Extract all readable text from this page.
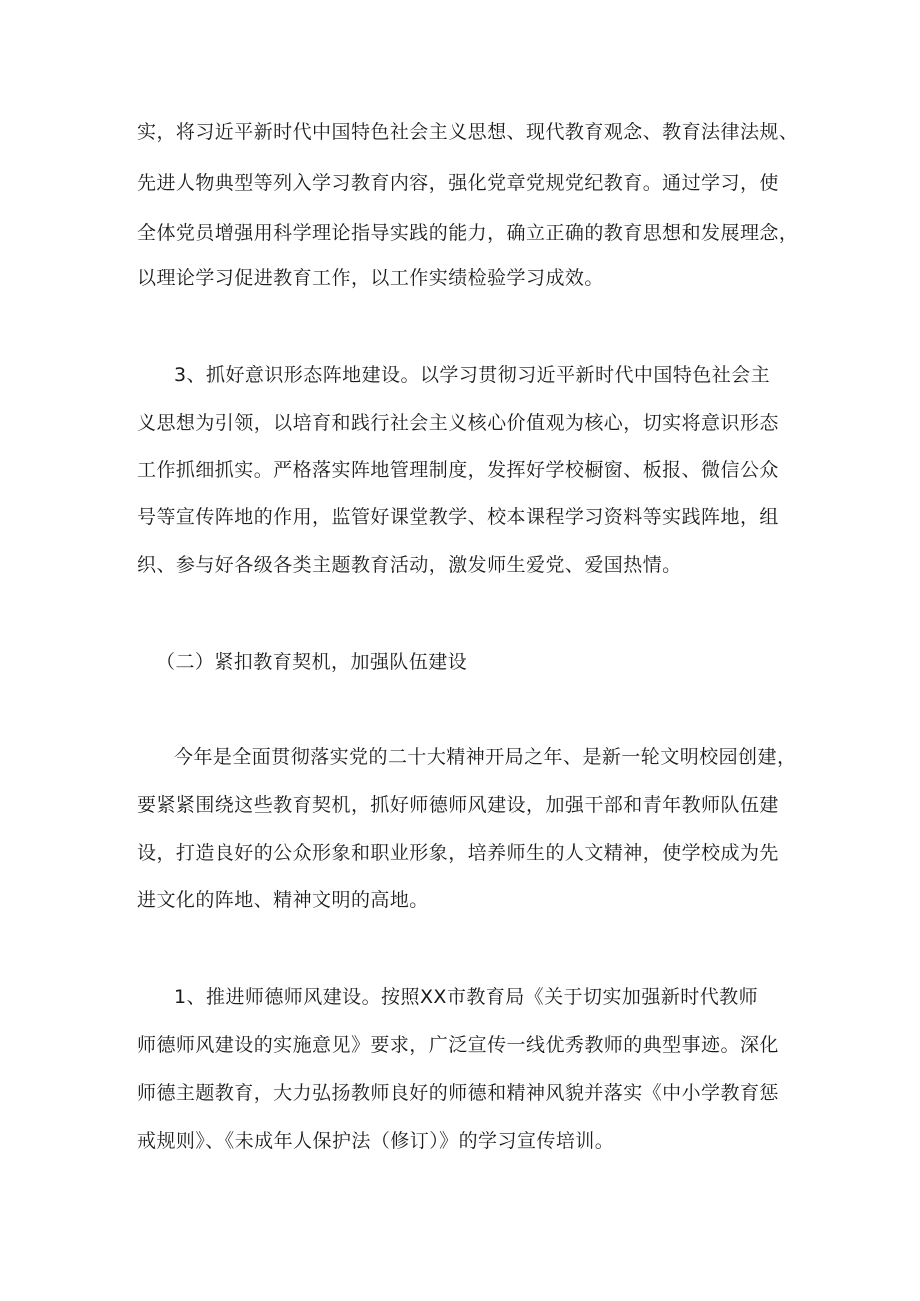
实，将习近平新时代中国特色社会主义思想、现代教育观念、教育法律法规、

先进人物典型等列入学习教育内容，强化党章党规党纪教育。通过学习，使

全体党员增强用科学理论指导实践的能力，确立正确的教育思想和发展理念，

以理论学习促进教育工作，以工作实绩检验学习成效。

3、抓好意识形态阵地建设。以学习贯彻习近平新时代中国特色社会主

义思想为引领，以培育和践行社会主义核心价值观为核心，切实将意识形态

工作抓细抓实。严格落实阵地管理制度，发挥好学校橱窗、板报、微信公众

号等宣传阵地的作用，监管好课堂教学、校本课程学习资料等实践阵地，组

织、参与好各级各类主题教育活动，激发师生爱党、爱国热情。

（二）紧扣教育契机，加强队伍建设

今年是全面贯彻落实党的二十大精神开局之年、是新一轮文明校园创建，

要紧紧围绕这些教育契机，抓好师德师风建设，加强干部和青年教师队伍建

设，打造良好的公众形象和职业形象，培养师生的人文精神，使学校成为先

进文化的阵地、精神文明的高地。

1、推进师德师风建设。按照XX市教育局《关于切实加强新时代教师

师德师风建设的实施意见》要求，广泛宣传一线优秀教师的典型事迹。深化

师德主题教育，大力弘扬教师良好的师德和精神风貌并落实《中小学教育惩

戒规则》、《未成年人保护法（修订）》的学习宣传培训。
